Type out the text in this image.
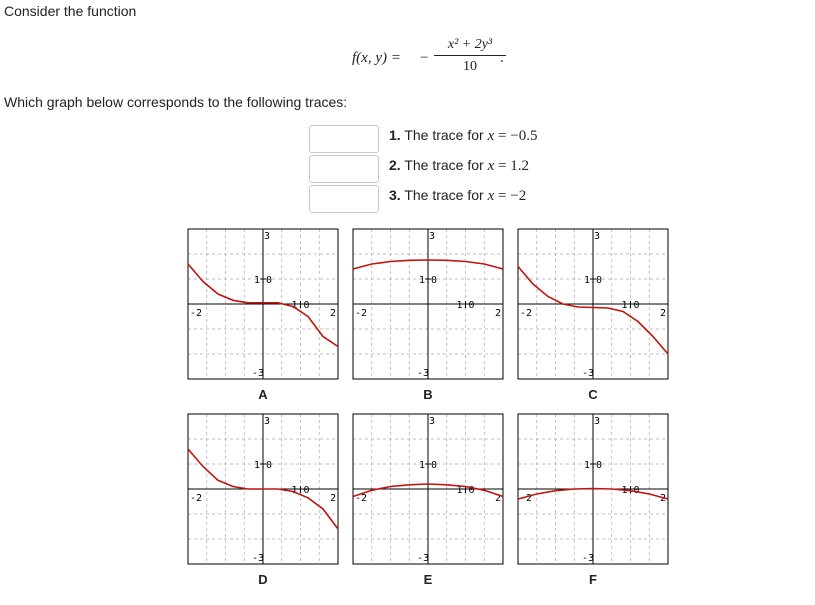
Consider the function
f(x, y) = − $\frac{\text{x² + 2y³}}{10}$
.
Which graph below corresponds to the following traces:
1. The trace for x = −0.5
2. The trace for x = 1.2
3. The trace for x = −2
3
-3
-2	2
1.0
1.0
A
3
-3
-2	2
1.0
1.0
B
3
-3
-2	2
1.0
1.0
C
3
-3
-2	2
1.0
1.0
D
3
-3
-2	2
1.0
1.0
E
3
-3
-2	2
1.0
1.0
F
